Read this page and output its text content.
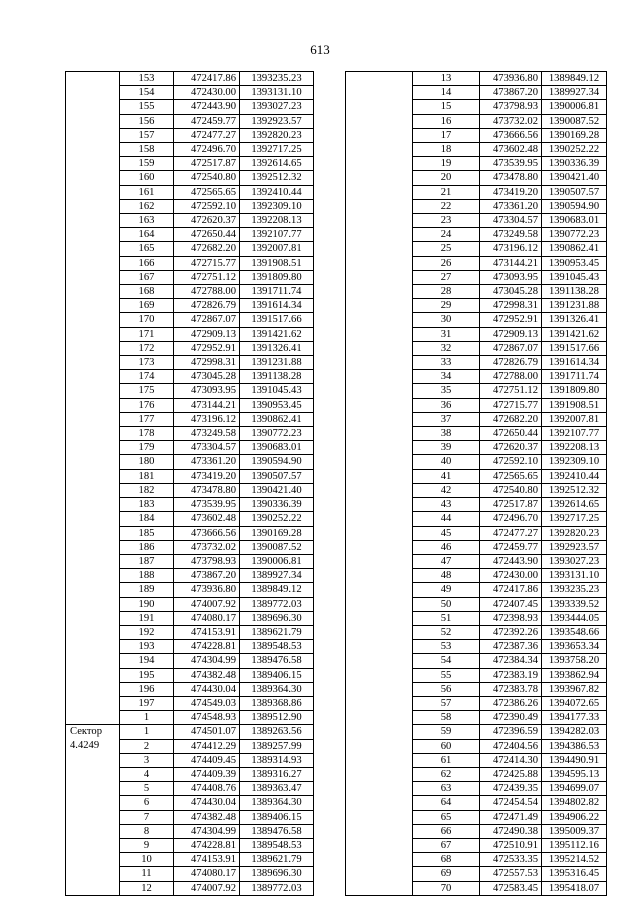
613
	153	472417.86	1393235.23
	154	472430.00	1393131.10
	155	472443.90	1393027.23
	156	472459.77	1392923.57
	157	472477.27	1392820.23
	158	472496.70	1392717.25
	159	472517.87	1392614.65
	160	472540.80	1392512.32
	161	472565.65	1392410.44
	162	472592.10	1392309.10
	163	472620.37	1392208.13
	164	472650.44	1392107.77
	165	472682.20	1392007.81
	166	472715.77	1391908.51
	167	472751.12	1391809.80
	168	472788.00	1391711.74
	169	472826.79	1391614.34
	170	472867.07	1391517.66
	171	472909.13	1391421.62
	172	472952.91	1391326.41
	173	472998.31	1391231.88
	174	473045.28	1391138.28
	175	473093.95	1391045.43
	176	473144.21	1390953.45
	177	473196.12	1390862.41
	178	473249.58	1390772.23
	179	473304.57	1390683.01
	180	473361.20	1390594.90
	181	473419.20	1390507.57
	182	473478.80	1390421.40
	183	473539.95	1390336.39
	184	473602.48	1390252.22
	185	473666.56	1390169.28
	186	473732.02	1390087.52
	187	473798.93	1390006.81
	188	473867.20	1389927.34
	189	473936.80	1389849.12
	190	474007.92	1389772.03
	191	474080.17	1389696.30
	192	474153.91	1389621.79
	193	474228.81	1389548.53
	194	474304.99	1389476.58
	195	474382.48	1389406.15
	196	474430.04	1389364.30
	197	474549.03	1389368.86
	1	474548.93	1389512.90

Сектор
4.4249	1	474501.07	1389263.56
	2	474412.29	1389257.99
	3	474409.45	1389314.93
	4	474409.39	1389316.27
	5	474408.76	1389363.47
	6	474430.04	1389364.30
	7	474382.48	1389406.15
	8	474304.99	1389476.58
	9	474228.81	1389548.53
	10	474153.91	1389621.79
	11	474080.17	1389696.30
	12	474007.92	1389772.03
	13	473936.80	1389849.12
	14	473867.20	1389927.34
	15	473798.93	1390006.81
	16	473732.02	1390087.52
	17	473666.56	1390169.28
	18	473602.48	1390252.22
	19	473539.95	1390336.39
	20	473478.80	1390421.40
	21	473419.20	1390507.57
	22	473361.20	1390594.90
	23	473304.57	1390683.01
	24	473249.58	1390772.23
	25	473196.12	1390862.41
	26	473144.21	1390953.45
	27	473093.95	1391045.43
	28	473045.28	1391138.28
	29	472998.31	1391231.88
	30	472952.91	1391326.41
	31	472909.13	1391421.62
	32	472867.07	1391517.66
	33	472826.79	1391614.34
	34	472788.00	1391711.74
	35	472751.12	1391809.80
	36	472715.77	1391908.51
	37	472682.20	1392007.81
	38	472650.44	1392107.77
	39	472620.37	1392208.13
	40	472592.10	1392309.10
	41	472565.65	1392410.44
	42	472540.80	1392512.32
	43	472517.87	1392614.65
	44	472496.70	1392717.25
	45	472477.27	1392820.23
	46	472459.77	1392923.57
	47	472443.90	1393027.23
	48	472430.00	1393131.10
	49	472417.86	1393235.23
	50	472407.45	1393339.52
	51	472398.93	1393444.05
	52	472392.26	1393548.66
	53	472387.36	1393653.34
	54	472384.34	1393758.20
	55	472383.19	1393862.94
	56	472383.78	1393967.82
	57	472386.26	1394072.65
	58	472390.49	1394177.33
	59	472396.59	1394282.03
	60	472404.56	1394386.53
	61	472414.30	1394490.91
	62	472425.88	1394595.13
	63	472439.35	1394699.07
	64	472454.54	1394802.82
	65	472471.49	1394906.22
	66	472490.38	1395009.37
	67	472510.91	1395112.16
	68	472533.35	1395214.52
	69	472557.53	1395316.45
	70	472583.45	1395418.07
